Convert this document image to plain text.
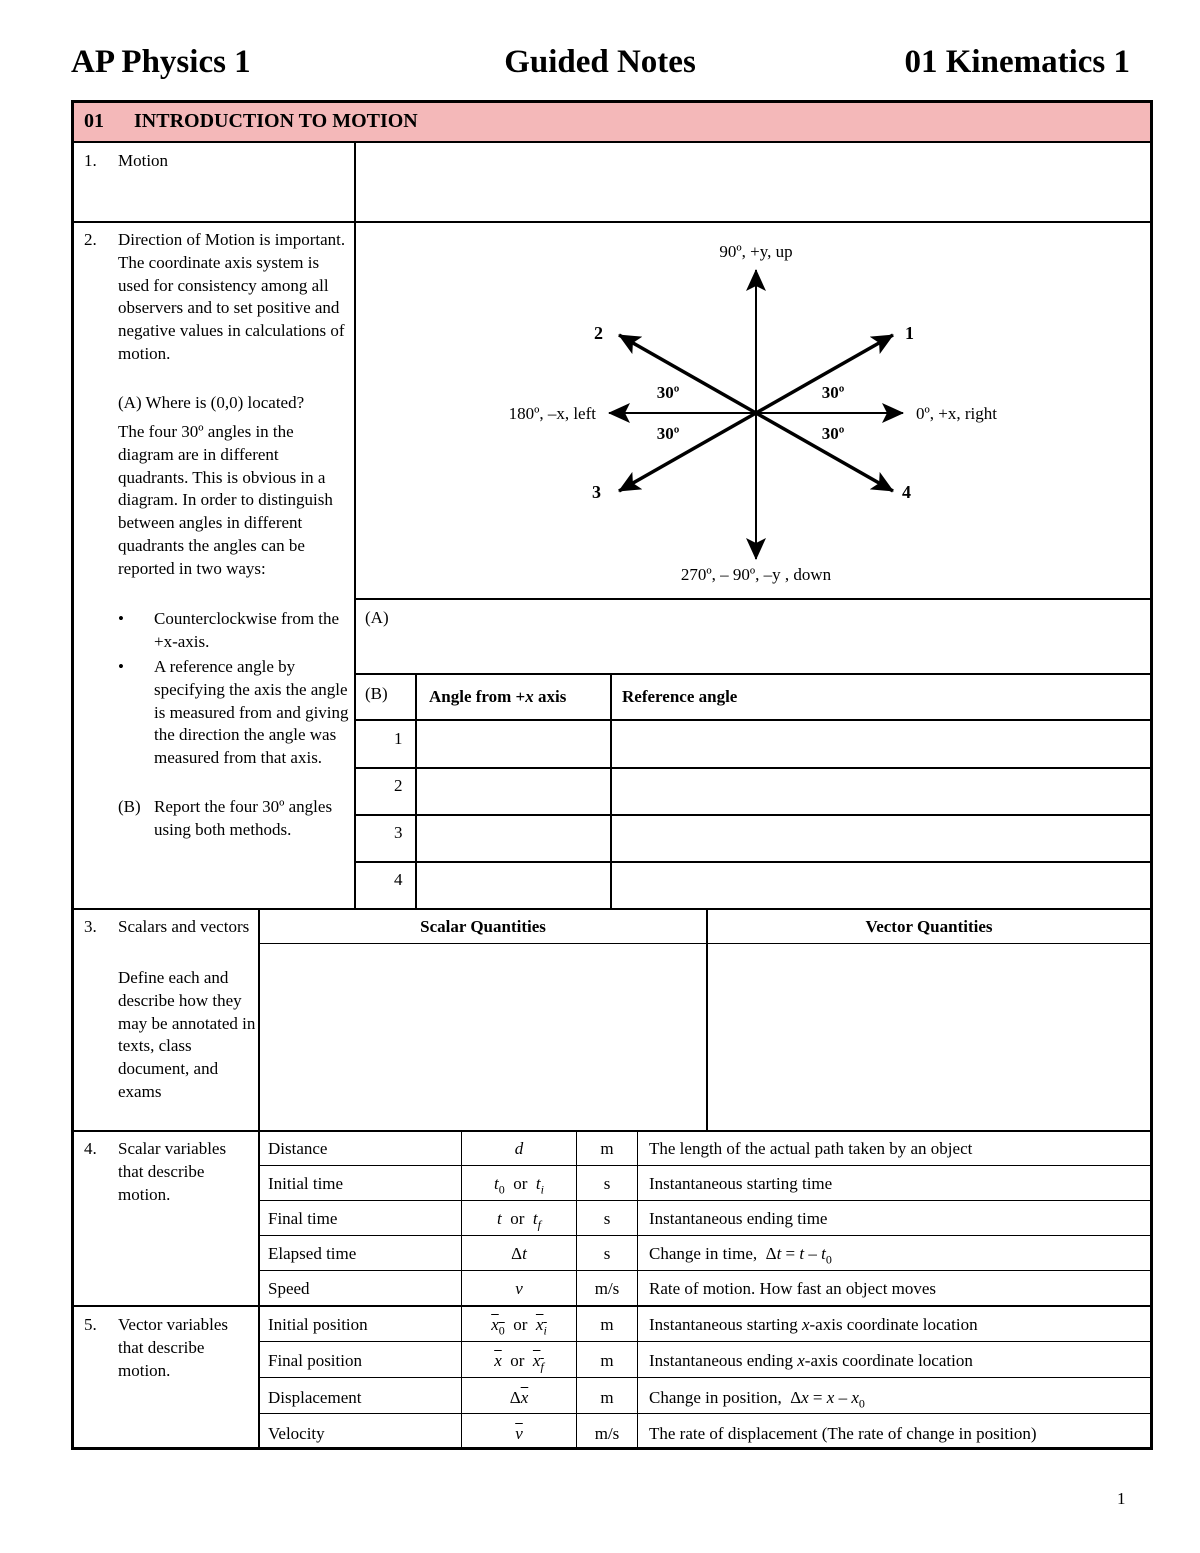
AP Physics 1	Guided Notes	01 Kinematics 1
01 INTRODUCTION TO MOTION
1. Motion
2. Direction of Motion is important. The coordinate axis system is used for consistency among all observers and to set positive and negative values in calculations of motion.
(A) Where is (0,0) located?
The four 30º angles in the diagram are in different quadrants. This is obvious in a diagram. In order to distinguish between angles in different quadrants the angles can be reported in two ways:
• Counterclockwise from the +x-axis.
• A reference angle by specifying the axis the angle is measured from and giving the direction the angle was measured from that axis.
(B) Report the four 30º angles using both methods.
90º, +y, up
0º, +x, right
180º, –x, left
270º, – 90º, –y , down
30º	30º
30º	30º
1
2
3	4
(A)
(B) Angle from +x axis	Reference angle
1
2
3
4
3. Scalars and vectors
Define each and describe how they may be annotated in texts, class document, and exams
Scalar Quantities	Vector Quantities
4. Scalar variables that describe motion.
Distance	d	m	The length of the actual path taken by an object
Initial time	$t_0$  or  $t_i$	s	Instantaneous starting time
Final time	t  or  $t_f$	s	Instantaneous ending time
Elapsed time	Δt	s	Change in time,  $\Delta t = t - t_0$
Speed	v	m/s	Rate of motion. How fast an object moves
5. Vector variables that describe motion.
Initial position	$x_0$  or  $x_i$	m	Instantaneous starting x-axis coordinate location
Final position	$\overline{x}$  or  $x_f$	m	Instantaneous ending x-axis coordinate location
Displacement	$\Delta\overline{x}$	m	Change in position,  $\Delta x = x - x_0$
Velocity	$\overline{v}$	m/s	The rate of displacement (The rate of change in position)
1
